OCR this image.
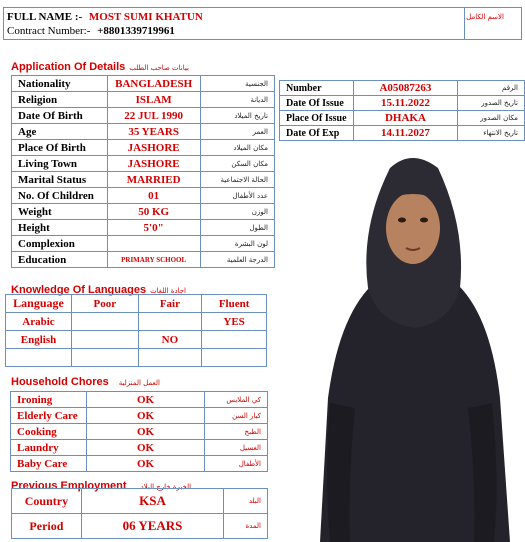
FULL NAME :- MOST SUMI KHATUN
Contract Number:- +8801339719961
الاسم الكامل
Application Of Details بيانات صاحب الطلب
Nationality	BANGLADESH	الجنسية
Religion	ISLAM	الديانة
Date Of Birth	22 JUL 1990	تاريخ الميلاد
Age	35 YEARS	العمر
Place Of Birth	JASHORE	مكان الميلاد
Living Town	JASHORE	مكان السكن
Marital Status	MARRIED	الحالة الاجتماعية
No. Of Children	01	عدد الأطفال
Weight	50 KG	الوزن
Height	5'0"	الطول
Complexion		لون البشرة
Education	PRIMARY SCHOOL	الدرجة العلمية
Number	A05087263	الرقم
Date Of Issue	15.11.2022	تاريخ الصدور
Place Of Issue	DHAKA	مكان الصدور
Date Of Exp	14.11.2027	تاريخ الانتهاء
Knowledge Of Languages اجادة اللغات
Language	Poor	Fair	Fluent
Arabic			YES
English		NO	

Household Chores العمل المنزلية
Ironing	OK	كي الملابس
Elderly Care	OK	كبار السن
Cooking	OK	الطبخ
Laundry	OK	الغسيل
Baby Care	OK	الأطفال
Previous Employment الخبرة خارج البلاد
Country	KSA	البلد
Period	06 YEARS	المدة
